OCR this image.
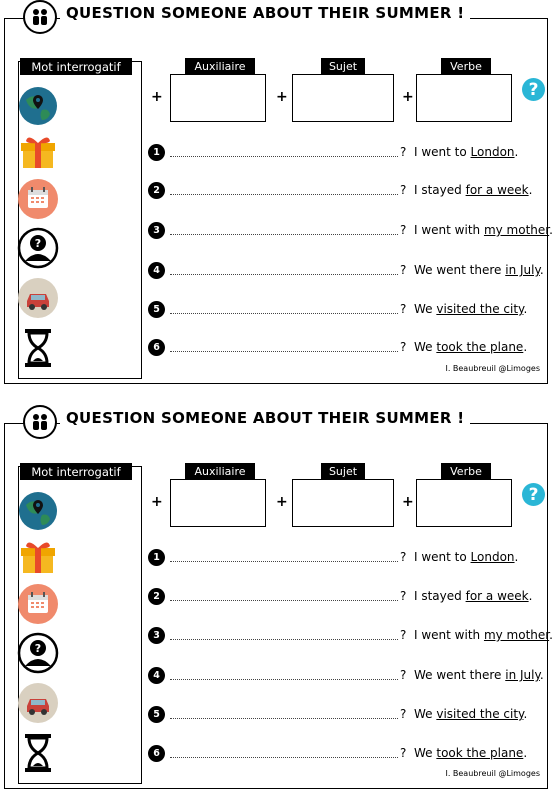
QUESTION SOMEONE ABOUT THEIR SUMMER !
Mot interrogatif
?
+
Auxiliaire
+
Sujet
+
Verbe
?
1	? I went to London.
2	? I stayed for a week.
3	? I went with my mother.
4	? We went there in July.
5	? We visited the city.
6	? We took the plane.
I. Beaubreuil @Limoges
QUESTION SOMEONE ABOUT THEIR SUMMER !
Mot interrogatif
?
+
Auxiliaire
+
Sujet
+
Verbe
?
1	? I went to London.
2	? I stayed for a week.
3	? I went with my mother.
4	? We went there in July.
5	? We visited the city.
6	? We took the plane.
I. Beaubreuil @Limoges
